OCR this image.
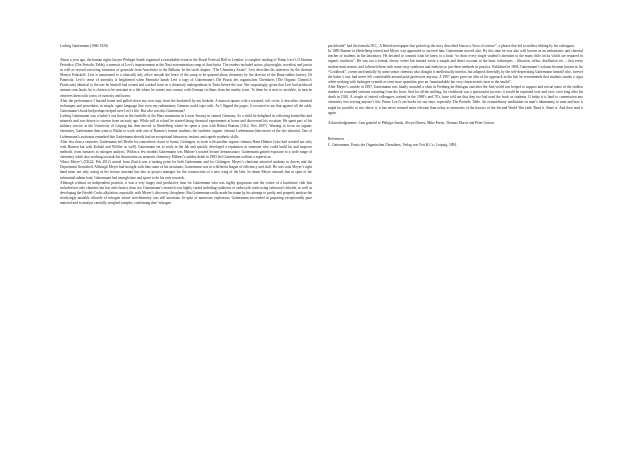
Ludwig Gattermann (1860-1920)

About a year ago, the human rights lawyer Philippe Sands organised a remarkable event in the Royal Festival Hall in London: a complete reading of Primo Levi’s Il Sistema Periodico (The Periodic Table), a memoir of Levi’s imprisonment at the Nazi extermination camp at Auschwitz. The readers included actors, playwrights, novelists and jurists as well as several surviving witnesses of genocide from Auschwitz to the Balkans. In the sixth chapter, “The Chemistry Exam”, Levi describes his interview by the chemist Martyn Polaskoff; Levi is summoned to a clinically tidy office outside the fence of the camp to be quizzed about chemistry by the director of the Buna-rubber factory, Dr Pannwitz. Levi’s sense of unreality is heightened when Pannwitz hands Levi a copy of Gattermann’s Die Praxis des organischen Chemikers (The Organic Chemist’s Practicum) identical to the one he himself had owned and worked from as a chemistry undergraduate in Turin before the war. Not surprisingly, given that Levi had produced summa cum laude, he is chosen to be assistant in a lab where he comes into contact with German civilians from the nearby town. To them he is next to invisible, in turn he observes them with a mix of curiosity and horror.

After the performance I hurried home and pulled down my own copy from the bookshelf by my bedside. A maroon quarto with a textured, soft cover, it describes chemical techniques and procedures in simple, spare language that even my rudimentary German could cope with. As I flipped the pages, it occurred to me that against all the odds, Gattermann’s book had perhaps helped save Levi’s life. But who was this Gattermann?

Ludwig Gattermann was a baker’s son born in the foothills of the Harz mountains in Lower Saxony in central Germany. As a child he delighted in collecting butterflies and minerals and was drawn to science from an early age. While still at school he started doing chemical experiments at home and discovered his vocation. He spent part of his military service at the University of Leipzig but then moved to Heidelberg where he spent a year with Robert Bunsen (CK2, Nov 2007). Wanting to focus on organic chemistry, Gattermann then went to Berlin to work with one of Bunsen’s former students, the synthetic organic chemist Liebermann (discoverer of the dye alizarin). One of Liebermann’s assistants remarked that Gattermann already had an exceptional laboratory instinct and superb synthetic skills.

After less than a semester, Gattermann left Berlin for somewhere closer to home, Göttingen, to work with another organic chemist Hans Hübner (who had worked not only with Bunsen but with Kekulé and Wöhler as well). Gattermann set to work in the lab and quickly developed a reputation as someone who could build kit and improve methods, from furnaces to nitrogen analysis. Within a few months Gattermann was Hübner’s trusted lecture demonstrator; Gattermann gained exposure to a wide range of chemistry while also working towards his dissertation on aromatic chemistry. Hübner’s sudden death in 1883 left Gattermann without a supervisor.

Viktor Meyer’s (CK22, Feb 2012) arrival from Zürich was a turning point for both Gattermann and for Göttingen. Meyer’s charisma attracted students in droves and the Department flourished. Although Meyer had brought with him some of his assistants, Gattermann was in a different league of efficiency and skill. He was soon Meyer’s right hand man; not only acting as his lecture assistant but also as project manager for the construction of a new wing of the labs. In return Meyer ensured that in spite of the substantial admin load, Gattermann had enough time and space to do his own research.

Although without an independent position, it was a very happy and productive time for Gattermann who was highly gregarious and the centre of a lunchtime club that included not only chemists but law and classics dons too. Gattermann’s research was highly varied including syntheses of carboxylic acids using carbonoyl chloride, as well as developing the Friedel-Crafts alkylation, especially with Meyer’s discovery, thiophene. But Gattermann really made his name by his attempt to purify and properly analyse the terrifyingly unstable chloride of nitrogen whose stoichiometry was still uncertain. In spite of numerous explosions, Gattermann succeeded in preparing exceptionally pure material and to analyse carefully weighed samples, confirming that “nitrogen

perchloride” had the formula NCl₃. A British newspaper that picked up the story described him as a “hero of science”, a phrase that led to endless ribbing by his colleagues.

In 1889 Bunsen in Heidelberg retired and Meyer was appointed to succeed him. Gattermann moved also. By this time he was also well known as an enthusiastic and cheerful teacher of students in the laboratory. He decided to commit what he knew to a book “to draw every single student’s attention to the many little tricks which are required in organic synthesis”. He was not a formal, showy writer but instead wrote a simple and direct account of the basic techniques – filtration, reflux, distillation etc. – that every student must master, and followed them with some sixty syntheses and analyses to put these methods in practice. Published in 1894, Gattermann’s volume became known as his “Cookbook”, a term used initially by some senior chemists who thought it intellectually inferior, but adopted cheerfully by the self-deprecating Gattermann himself who, forever the baker’s son, had never felt comfortable around posh professors anyway. A 1907 paper gives an idea of his approach in the lab: he recommends that students smoke a cigar when working with hydrogen cyanide as even trace quantities give an “unmistakable but very characteristic taste to the smoke”.

After Meyer’s suicide in 1897, Gattermann was finally awarded a chair in Freiburg im Breisgau and after the first world war helped to support and rescue some of the endless number of wounded veterans returning from the front. And for all the sniffing, his cookbook was a spectacular success; it would be reprinted over and over, even long after his death in 1920. A couple of retired colleagues, trained in the 1960’s and 70’s, have told me that they too had used the book as students. If today it is hard to commission any chemistry text serving anyone’s life, Primo Levi’s are books for our time, especially The Periodic Table. An extraordinary meditation on man’s inhumanity to man and how it might be possible to rise above it, it has never seemed more relevant than today as memories of the horrors of the Second World War fade. Read it. Share it. And then read it again.

Acknowledgements: I am grateful to Philippe Sands, Alwyn Davies, Mike Porter, Thomas Morris and Peter Gorton.

References

L. Gattermann, Praxis der Organischen Chemikers, Verlag von Veit & Co., Leipzig, 1894.
